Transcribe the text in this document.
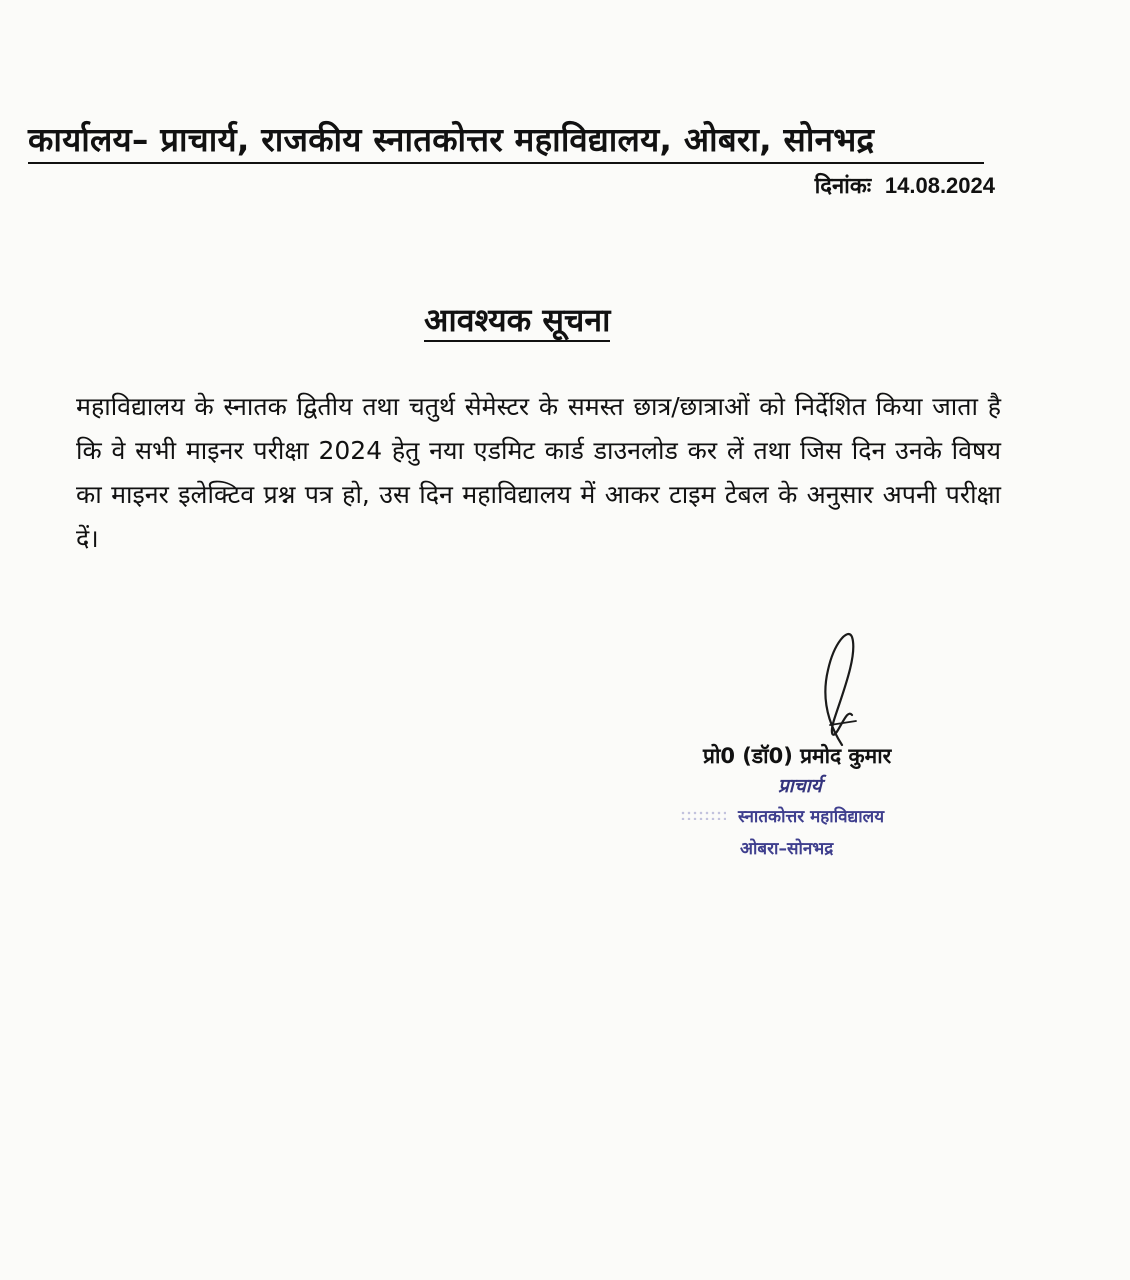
कार्यालय– प्राचार्य, राजकीय स्नातकोत्तर महाविद्यालय, ओबरा, सोनभद्र
दिनांकः 14.08.2024
आवश्यक सूचना
महाविद्यालय के स्नातक द्वितीय तथा चतुर्थ सेमेस्टर के समस्त छात्र/छात्राओं को निर्देशित किया जाता है कि वे सभी माइनर परीक्षा 2024 हेतु नया एडमिट कार्ड डाउनलोड कर लें तथा जिस दिन उनके विषय का माइनर इलेक्टिव प्रश्न पत्र हो, उस दिन महाविद्यालय में आकर टाइम टेबल के अनुसार अपनी परीक्षा दें।
प्रो0 (डॉ0) प्रमोद कुमार
प्राचार्य
स्नातकोत्तर महाविद्यालय
ओबरा–सोनभद्र
